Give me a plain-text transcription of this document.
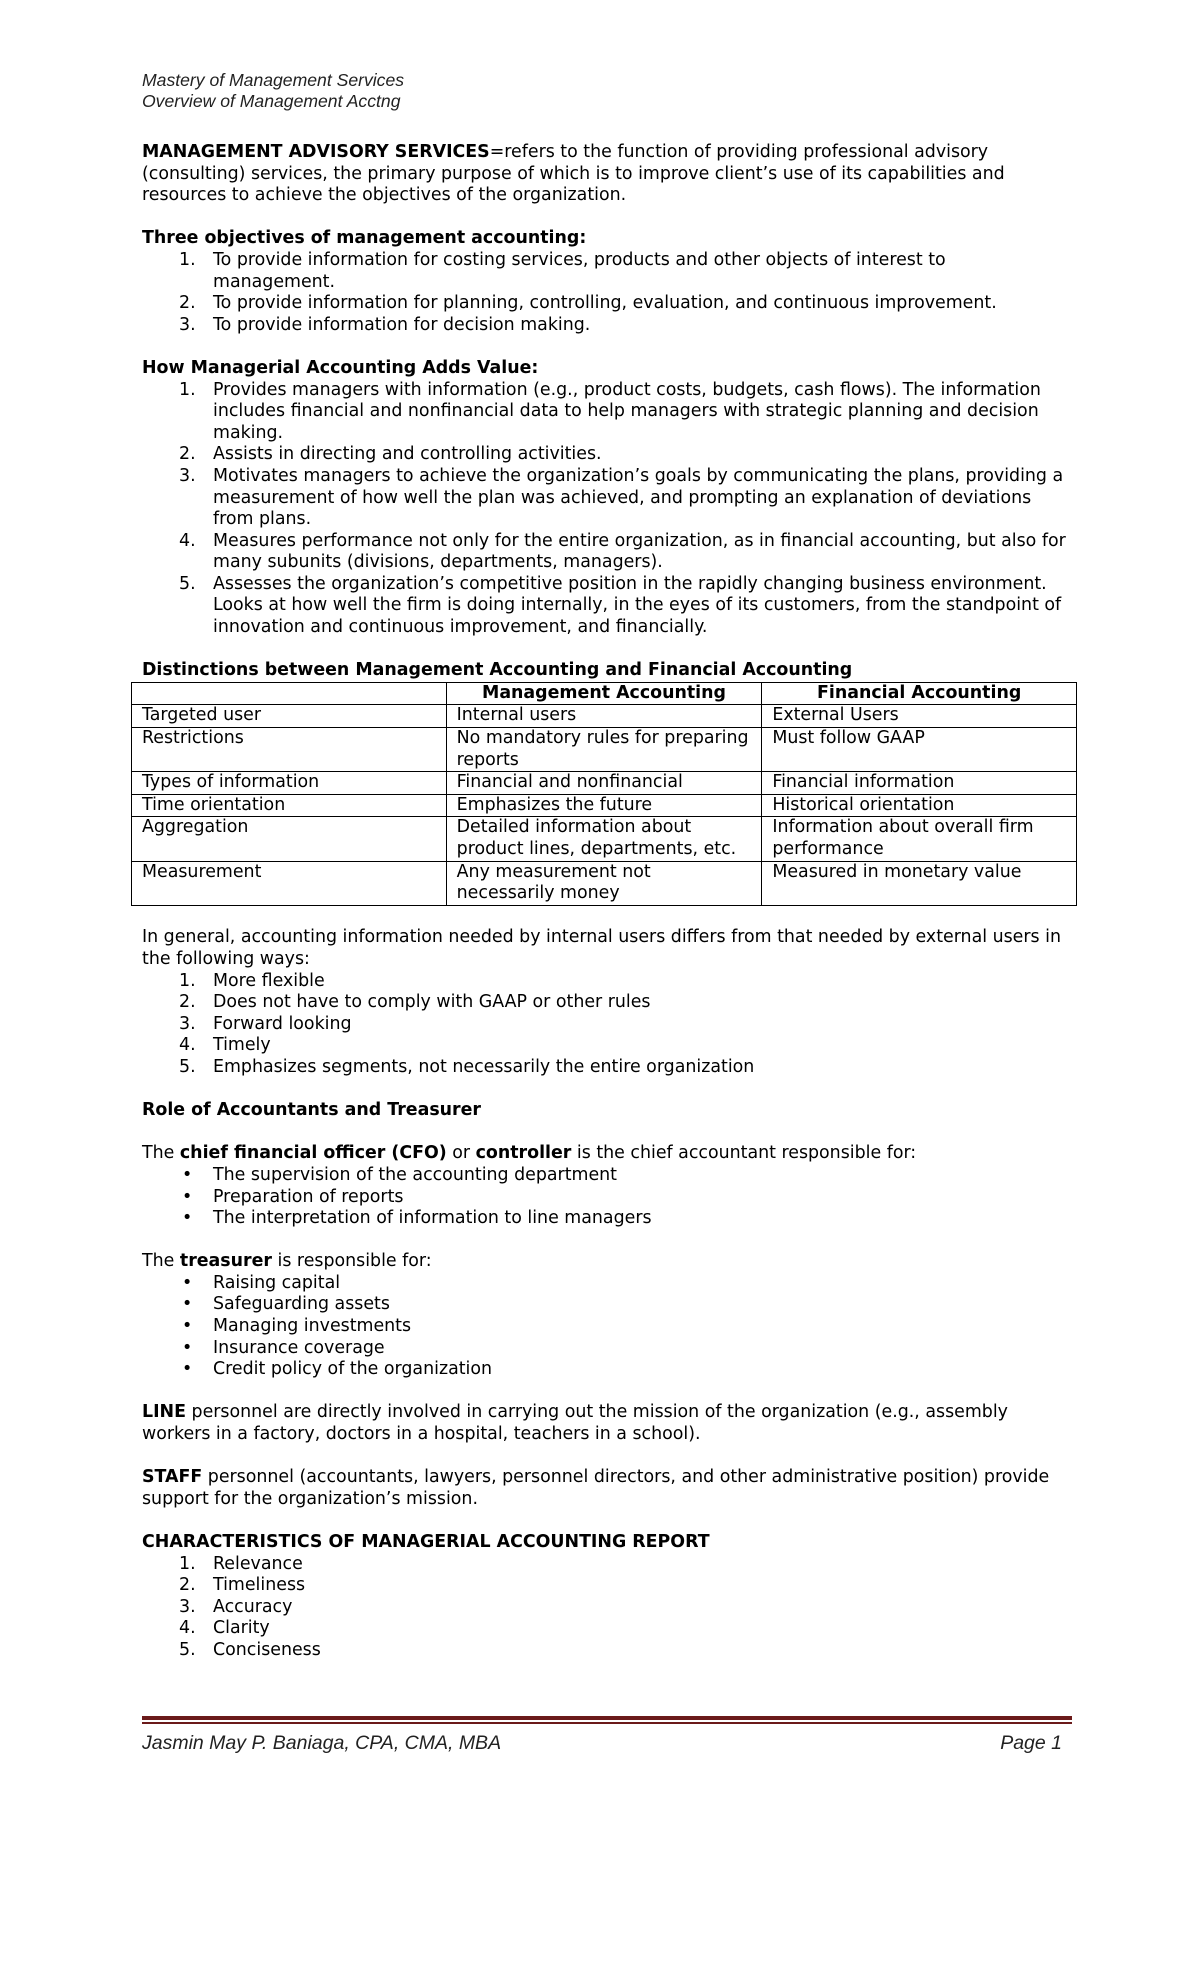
Mastery of Management Services
Overview of Management Acctng

MANAGEMENT ADVISORY SERVICES=refers to the function of providing professional advisory (consulting) services, the primary purpose of which is to improve client’s use of its capabilities and resources to achieve the objectives of the organization.

Three objectives of management accounting:

1.	To provide information for costing services, products and other objects of interest to management.
2.	To provide information for planning, controlling, evaluation, and continuous improvement.
3.	To provide information for decision making.

How Managerial Accounting Adds Value:

1.	Provides managers with information (e.g., product costs, budgets, cash flows). The information includes financial and nonfinancial data to help managers with strategic planning and decision making.
2.	Assists in directing and controlling activities.
3.	Motivates managers to achieve the organization’s goals by communicating the plans, providing a measurement of how well the plan was achieved, and prompting an explanation of deviations from plans.
4.	Measures performance not only for the entire organization, as in financial accounting, but also for many subunits (divisions, departments, managers).
5.	Assesses the organization’s competitive position in the rapidly changing business environment. Looks at how well the firm is doing internally, in the eyes of its customers, from the standpoint of innovation and continuous improvement, and financially.

Distinctions between Management Accounting and Financial Accounting

	Management Accounting	Financial Accounting
Targeted user	Internal users	External Users
Restrictions	No mandatory rules for preparing reports	Must follow GAAP
Types of information	Financial and nonfinancial	Financial information
Time orientation	Emphasizes the future	Historical orientation
Aggregation	Detailed information about product lines, departments, etc.	Information about overall firm performance
Measurement	Any measurement not necessarily money	Measured in monetary value

In general, accounting information needed by internal users differs from that needed by external users in the following ways:

1.	More flexible
2.	Does not have to comply with GAAP or other rules
3.	Forward looking
4.	Timely
5.	Emphasizes segments, not necessarily the entire organization

Role of Accountants and Treasurer

The chief financial officer (CFO) or controller is the chief accountant responsible for:

• The supervision of the accounting department
• Preparation of reports
• The interpretation of information to line managers

The treasurer is responsible for:

• Raising capital
• Safeguarding assets
• Managing investments
• Insurance coverage
• Credit policy of the organization

LINE personnel are directly involved in carrying out the mission of the organization (e.g., assembly workers in a factory, doctors in a hospital, teachers in a school).

STAFF personnel (accountants, lawyers, personnel directors, and other administrative position) provide support for the organization’s mission.

CHARACTERISTICS OF MANAGERIAL ACCOUNTING REPORT

1.	Relevance
2.	Timeliness
3.	Accuracy
4.	Clarity
5.	Conciseness
Jasmin May P. Baniaga, CPA, CMA, MBA	Page 1
